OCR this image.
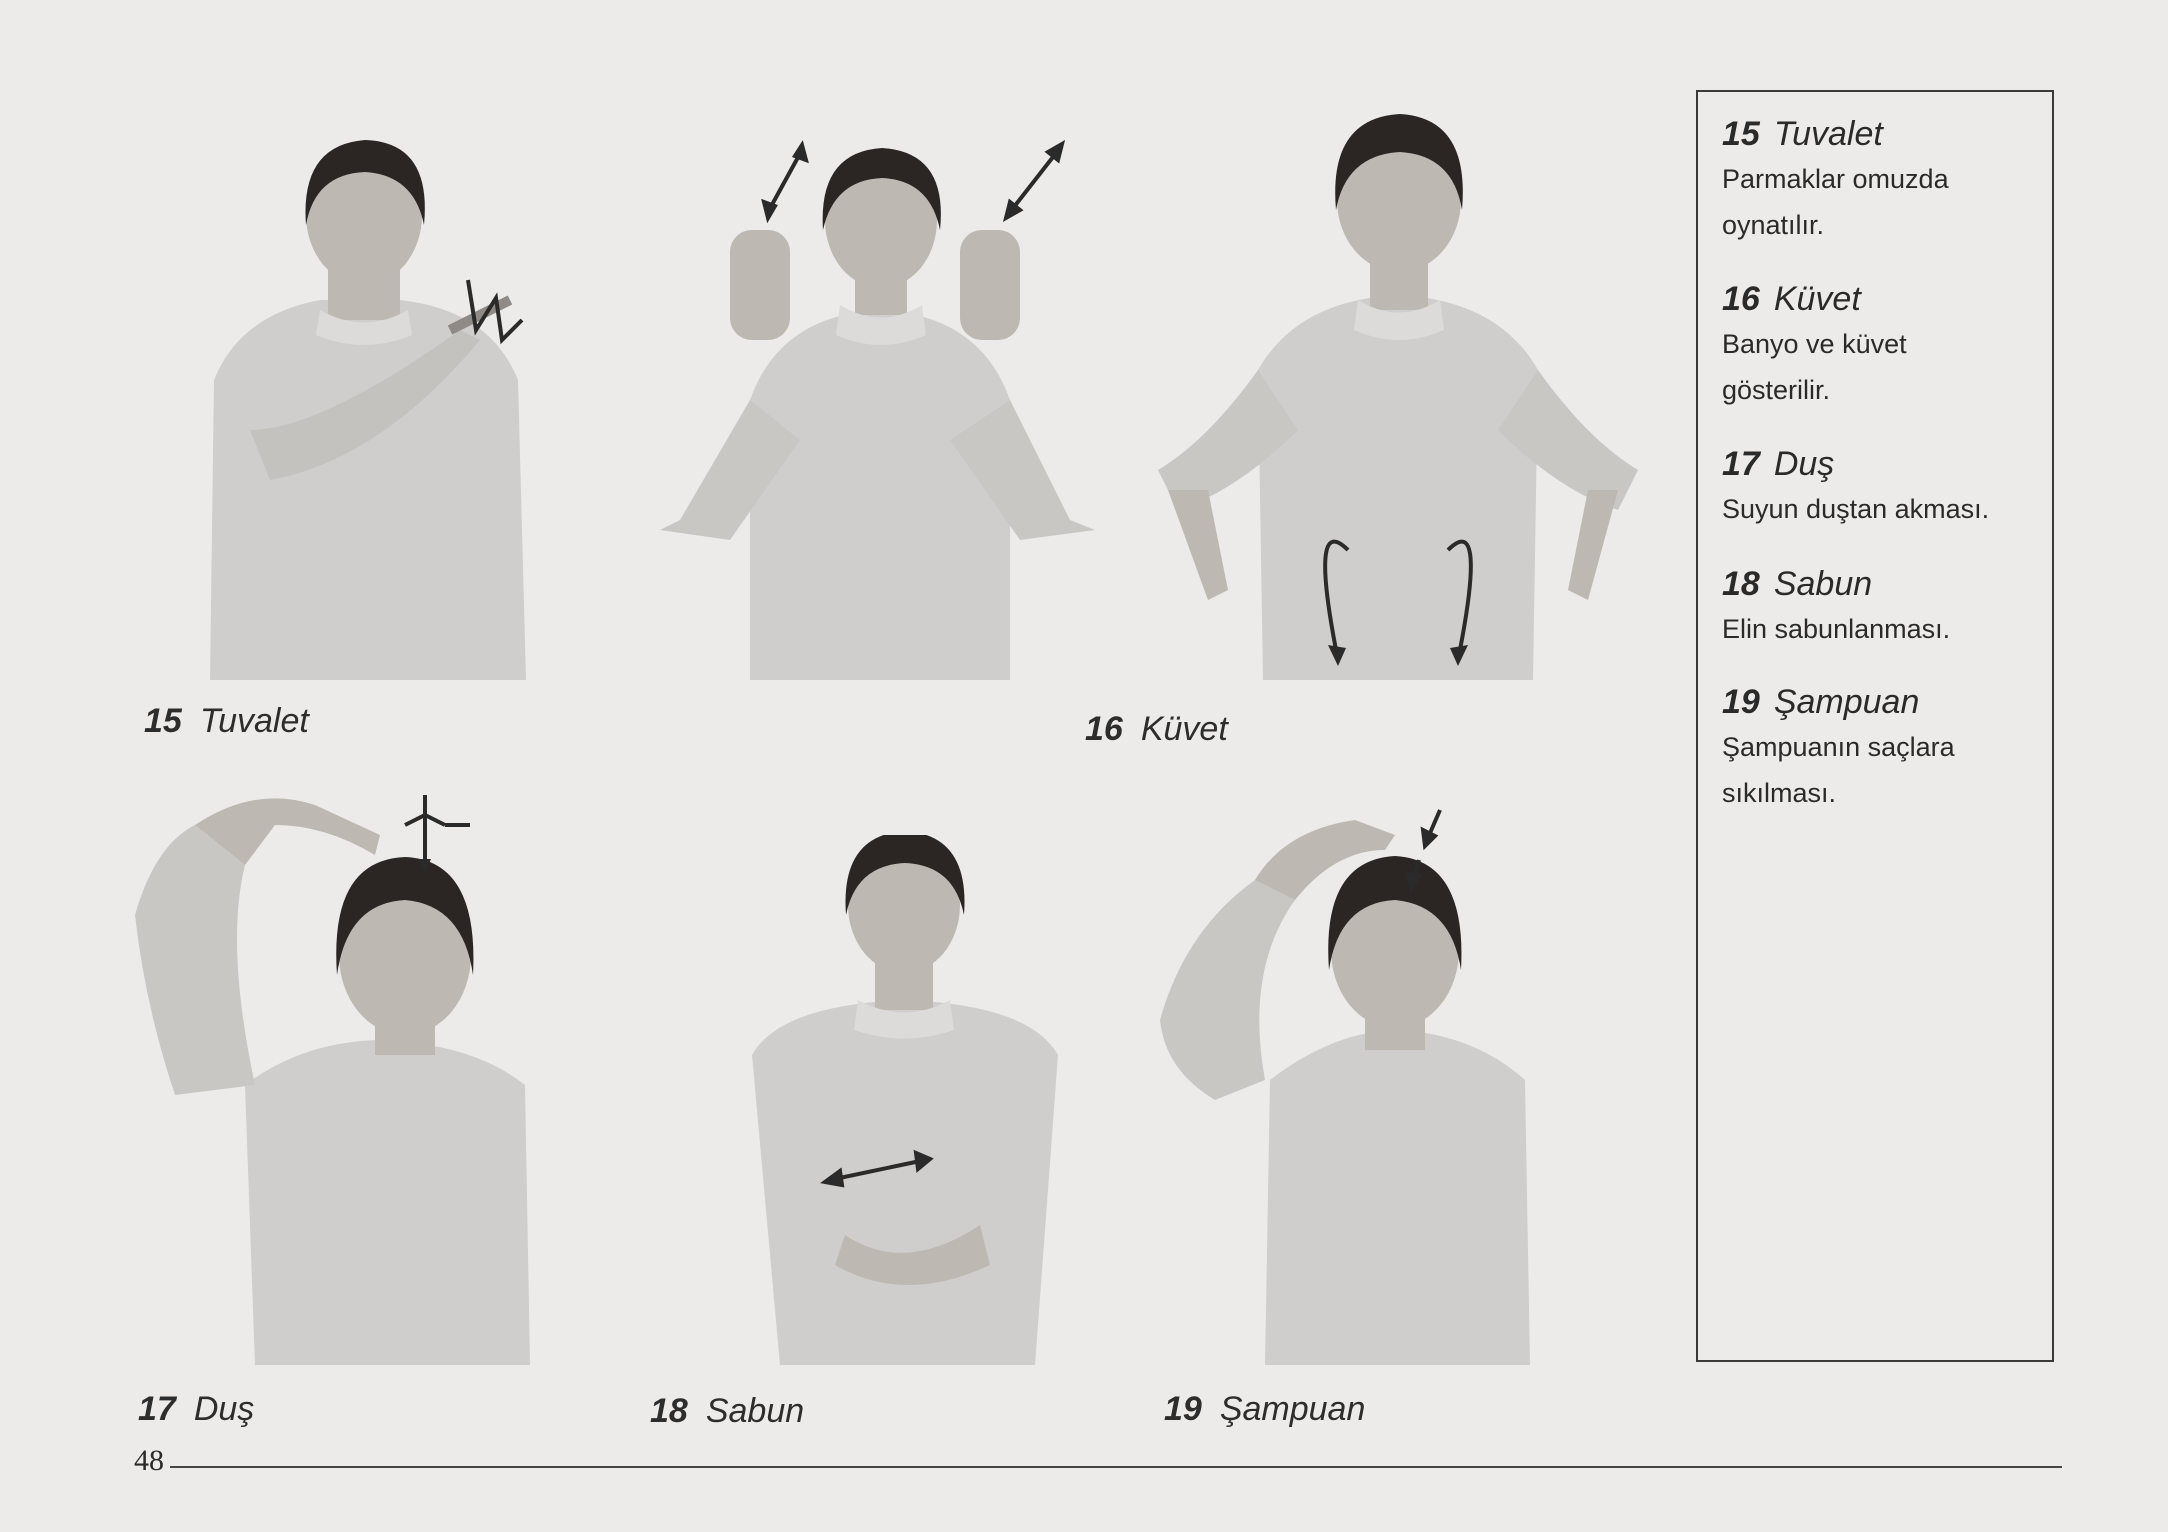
15 Tuvalet	16 Küvet
17 Duş	18 Sabun	19 Şampuan
15 Tuvalet
Parmaklar omuzda
oynatılır.
16 Küvet
Banyo ve küvet
gösterilir.
17 Duş
Suyun duştan akması.
18 Sabun
Elin sabunlanması.
19 Şampuan
Şampuanın saçlara
sıkılması.
48
